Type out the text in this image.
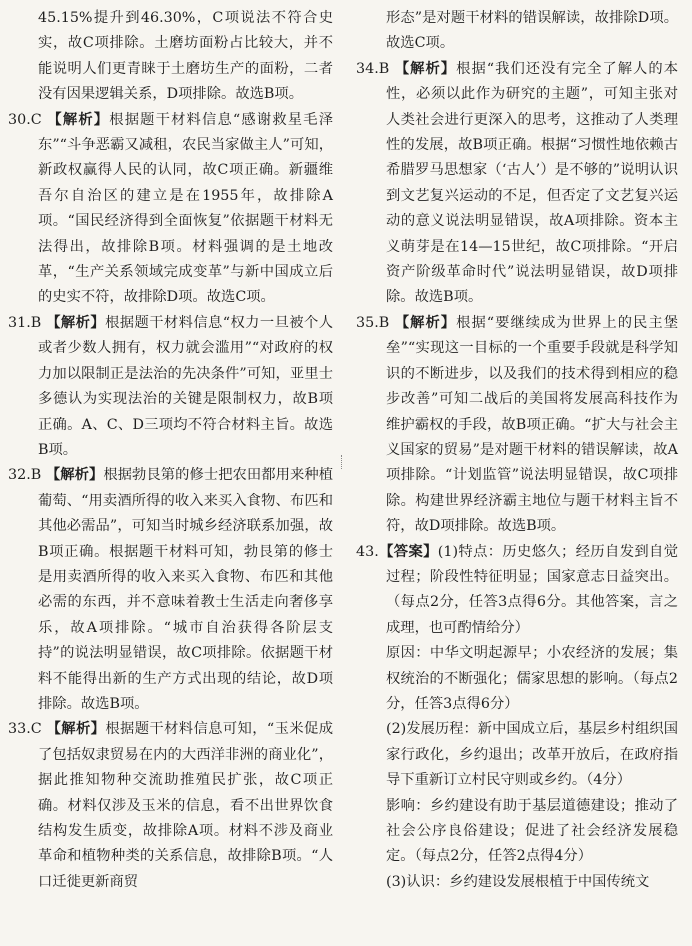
45.15%提升到46.30%，C项说法不符合史实，故C项排除。土磨坊面粉占比较大，并不能说明人们更青睐于土磨坊生产的面粉，二者没有因果逻辑关系，D项排除。故选B项。

30.C 【解析】根据题干材料信息“感谢救星毛泽东”“斗争恶霸又减租，农民当家做主人”可知，新政权赢得人民的认同，故C项正确。新疆维吾尔自治区的建立是在1955年，故排除A项。“国民经济得到全面恢复”依据题干材料无法得出，故排除B项。材料强调的是土地改革，“生产关系领域完成变革”与新中国成立后的史实不符，故排除D项。故选C项。

31.B 【解析】根据题干材料信息“权力一旦被个人或者少数人拥有，权力就会滥用”“对政府的权力加以限制正是法治的先决条件”可知，亚里士多德认为实现法治的关键是限制权力，故B项正确。A、C、D三项均不符合材料主旨。故选B项。

32.B 【解析】根据勃艮第的修士把农田都用来种植葡萄、“用卖酒所得的收入来买入食物、布匹和其他必需品”，可知当时城乡经济联系加强，故B项正确。根据题干材料可知，勃艮第的修士是用卖酒所得的收入来买入食物、布匹和其他必需的东西，并不意味着教士生活走向奢侈享乐，故A项排除。“城市自治获得各阶层支持”的说法明显错误，故C项排除。依据题干材料不能得出新的生产方式出现的结论，故D项排除。故选B项。

33.C 【解析】根据题干材料信息可知，“玉米促成了包括奴隶贸易在内的大西洋非洲的商业化”，据此推知物种交流助推殖民扩张，故C项正确。材料仅涉及玉米的信息，看不出世界饮食结构发生质变，故排除A项。材料不涉及商业革命和植物种类的关系信息，故排除B项。“人口迁徙更新商贸

形态”是对题干材料的错误解读，故排除D项。故选C项。

34.B 【解析】根据“我们还没有完全了解人的本性，必须以此作为研究的主题”，可知主张对人类社会进行更深入的思考，这推动了人类理性的发展，故B项正确。根据“习惯性地依赖古希腊罗马思想家（‘古人’）是不够的”说明认识到文艺复兴运动的不足，但否定了文艺复兴运动的意义说法明显错误，故A项排除。资本主义萌芽是在14—15世纪，故C项排除。“开启资产阶级革命时代”说法明显错误，故D项排除。故选B项。

35.B 【解析】根据“要继续成为世界上的民主堡垒”“实现这一目标的一个重要手段就是科学知识的不断进步，以及我们的技术得到相应的稳步改善”可知二战后的美国将发展高科技作为维护霸权的手段，故B项正确。“扩大与社会主义国家的贸易”是对题干材料的错误解读，故A项排除。“计划监管”说法明显错误，故C项排除。构建世界经济霸主地位与题干材料主旨不符，故D项排除。故选B项。

43.【答案】(1)特点：历史悠久；经历自发到自觉过程；阶段性特征明显；国家意志日益突出。（每点2分，任答3点得6分。其他答案，言之成理，也可酌情给分）

原因：中华文明起源早；小农经济的发展；集权统治的不断强化；儒家思想的影响。（每点2分，任答3点得6分）

(2)发展历程：新中国成立后，基层乡村组织国家行政化，乡约退出；改革开放后，在政府指导下重新订立村民守则或乡约。（4分）

影响：乡约建设有助于基层道德建设；推动了社会公序良俗建设；促进了社会经济发展稳定。（每点2分，任答2点得4分）

(3)认识：乡约建设发展根植于中国传统文
